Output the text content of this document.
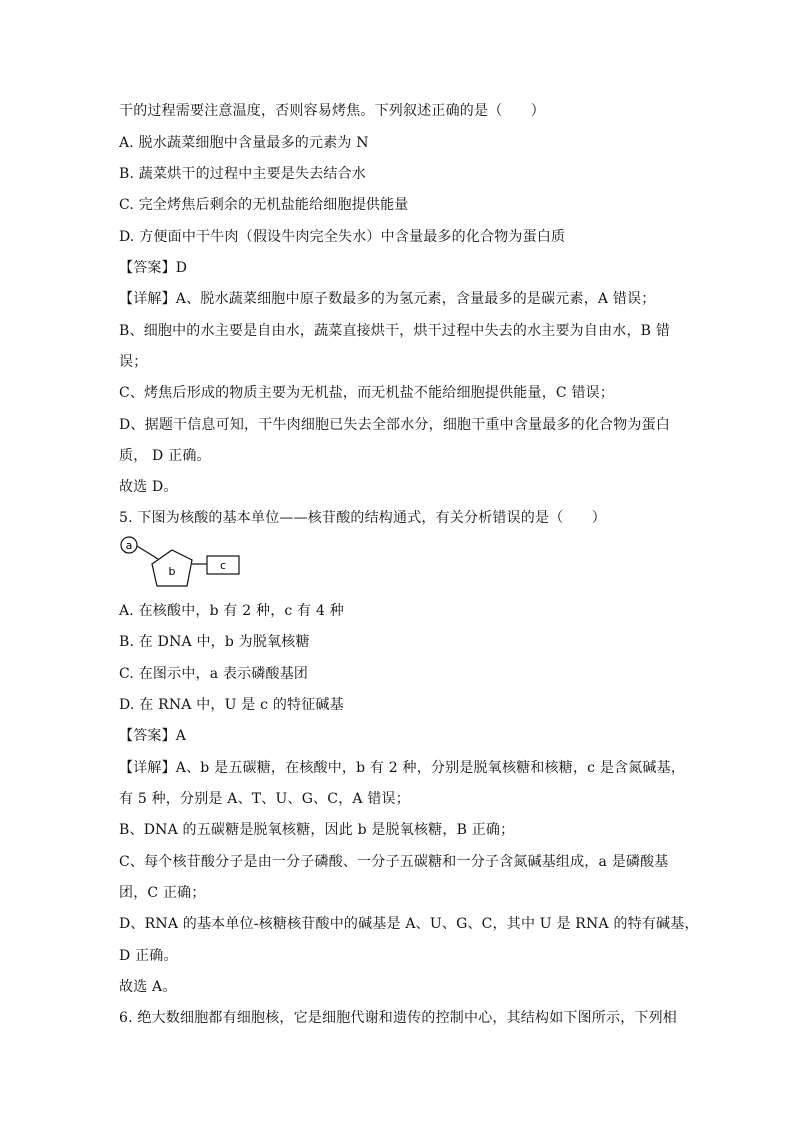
干的过程需要注意温度，否则容易烤焦。下列叙述正确的是（　　）
A. 脱水蔬菜细胞中含量最多的元素为 N
B. 蔬菜烘干的过程中主要是失去结合水
C. 完全烤焦后剩余的无机盐能给细胞提供能量
D. 方便面中干牛肉（假设牛肉完全失水）中含量最多的化合物为蛋白质
【答案】D
【详解】A、脱水蔬菜细胞中原子数最多的为氢元素，含量最多的是碳元素，A 错误；
B、细胞中的水主要是自由水，蔬菜直接烘干，烘干过程中失去的水主要为自由水，B 错
误；
C、烤焦后形成的物质主要为无机盐，而无机盐不能给细胞提供能量，C 错误；
D、据题干信息可知，干牛肉细胞已失去全部水分，细胞干重中含量最多的化合物为蛋白
质， D 正确。
故选 D。
5. 下图为核酸的基本单位——核苷酸的结构通式，有关分析错误的是（　　）
a
b	c
A. 在核酸中，b 有 2 种，c 有 4 种
B. 在 DNA 中，b 为脱氧核糖
C. 在图示中，a 表示磷酸基团
D. 在 RNA 中，U 是 c 的特征碱基
【答案】A
【详解】A、b 是五碳糖，在核酸中，b 有 2 种，分别是脱氧核糖和核糖，c 是含氮碱基，
有 5 种，分别是 A、T、U、G、C，A 错误；
B、DNA 的五碳糖是脱氧核糖，因此 b 是脱氧核糖，B 正确；
C、每个核苷酸分子是由一分子磷酸、一分子五碳糖和一分子含氮碱基组成，a 是磷酸基
团，C 正确；
D、RNA 的基本单位-核糖核苷酸中的碱基是 A、U、G、C，其中 U 是 RNA 的特有碱基，
D 正确。
故选 A。
6. 绝大数细胞都有细胞核，它是细胞代谢和遗传的控制中心，其结构如下图所示，下列相
